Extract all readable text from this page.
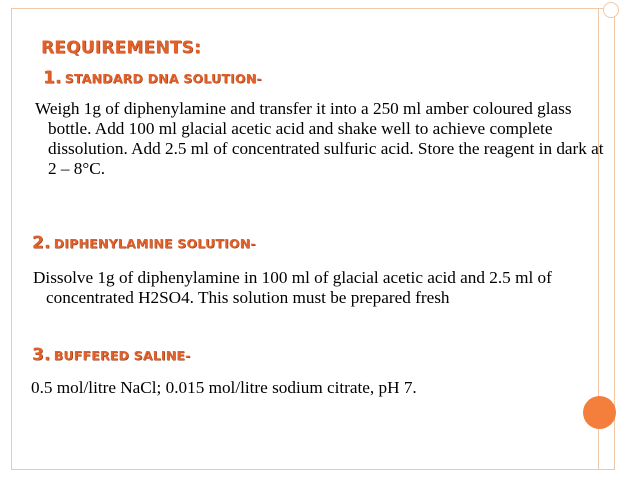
REQUIREMENTS:
1. STANDARD DNA SOLUTION-

Weigh 1g of diphenylamine and transfer it into a 250 ml amber coloured glass bottle. Add 100 ml glacial acetic acid and shake well to achieve complete dissolution. Add 2.5 ml of concentrated sulfuric acid. Store the reagent in dark at 2 – 8°C.

2. DIPHENYLAMINE SOLUTION-

Dissolve 1g of diphenylamine in 100 ml of glacial acetic acid and 2.5 ml of concentrated H2SO4. This solution must be prepared fresh

3. BUFFERED SALINE-

0.5 mol/litre NaCl; 0.015 mol/litre sodium citrate, pH 7.
